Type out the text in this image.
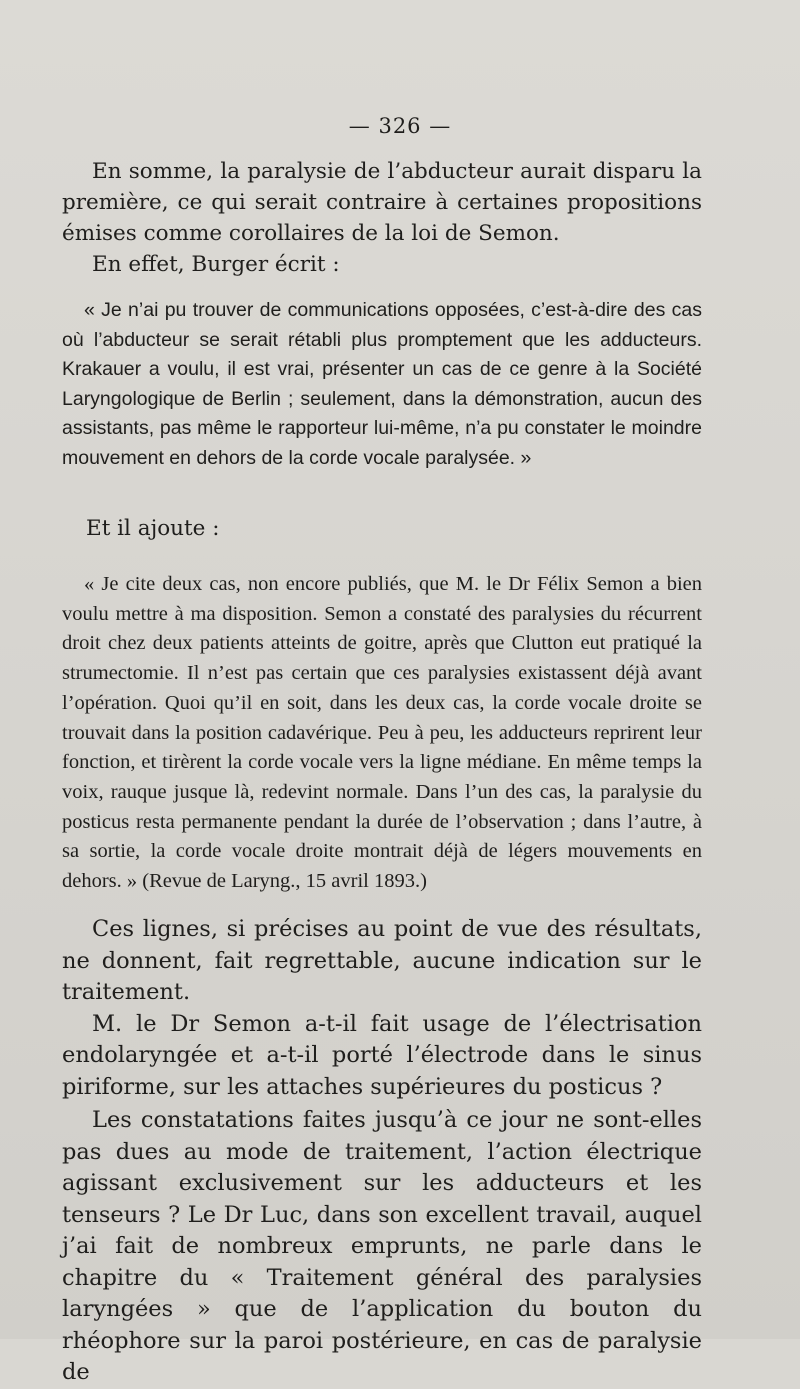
— 326 —

En somme, la paralysie de l’abducteur aurait disparu la première, ce qui serait contraire à certaines propositions émises comme corollaires de la loi de Semon.

En effet, Burger écrit :

« Je n’ai pu trouver de communications opposées, c’est-à-dire des cas où l’abducteur se serait rétabli plus promptement que les adducteurs. Krakauer a voulu, il est vrai, présenter un cas de ce genre à la Société Laryngologique de Berlin ; seulement, dans la démonstration, aucun des assistants, pas même le rapporteur lui-même, n’a pu constater le moindre mouvement en dehors de la corde vocale paralysée. »

Et il ajoute :

« Je cite deux cas, non encore publiés, que M. le Dr Félix Semon a bien voulu mettre à ma disposition. Semon a constaté des paralysies du récurrent droit chez deux patients atteints de goitre, après que Clutton eut pratiqué la strumectomie. Il n’est pas certain que ces paralysies existassent déjà avant l’opération. Quoi qu’il en soit, dans les deux cas, la corde vocale droite se trouvait dans la position cadavérique. Peu à peu, les adducteurs reprirent leur fonction, et tirèrent la corde vocale vers la ligne médiane. En même temps la voix, rauque jusque là, redevint normale. Dans l’un des cas, la paralysie du posticus resta permanente pendant la durée de l’observation ; dans l’autre, à sa sortie, la corde vocale droite montrait déjà de légers mouvements en dehors. » (Revue de Laryng., 15 avril 1893.)

Ces lignes, si précises au point de vue des résultats, ne donnent, fait regrettable, aucune indication sur le traitement.

M. le Dr Semon a-t-il fait usage de l’électrisation endolaryngée et a-t-il porté l’électrode dans le sinus piriforme, sur les attaches supérieures du posticus ?

Les constatations faites jusqu’à ce jour ne sont-elles pas dues au mode de traitement, l’action électrique agissant exclusivement sur les adducteurs et les tenseurs ? Le Dr Luc, dans son excellent travail, auquel j’ai fait de nombreux emprunts, ne parle dans le chapitre du « Traitement général des paralysies laryngées » que de l’application du bouton du rhéophore sur la paroi postérieure, en cas de paralysie de
